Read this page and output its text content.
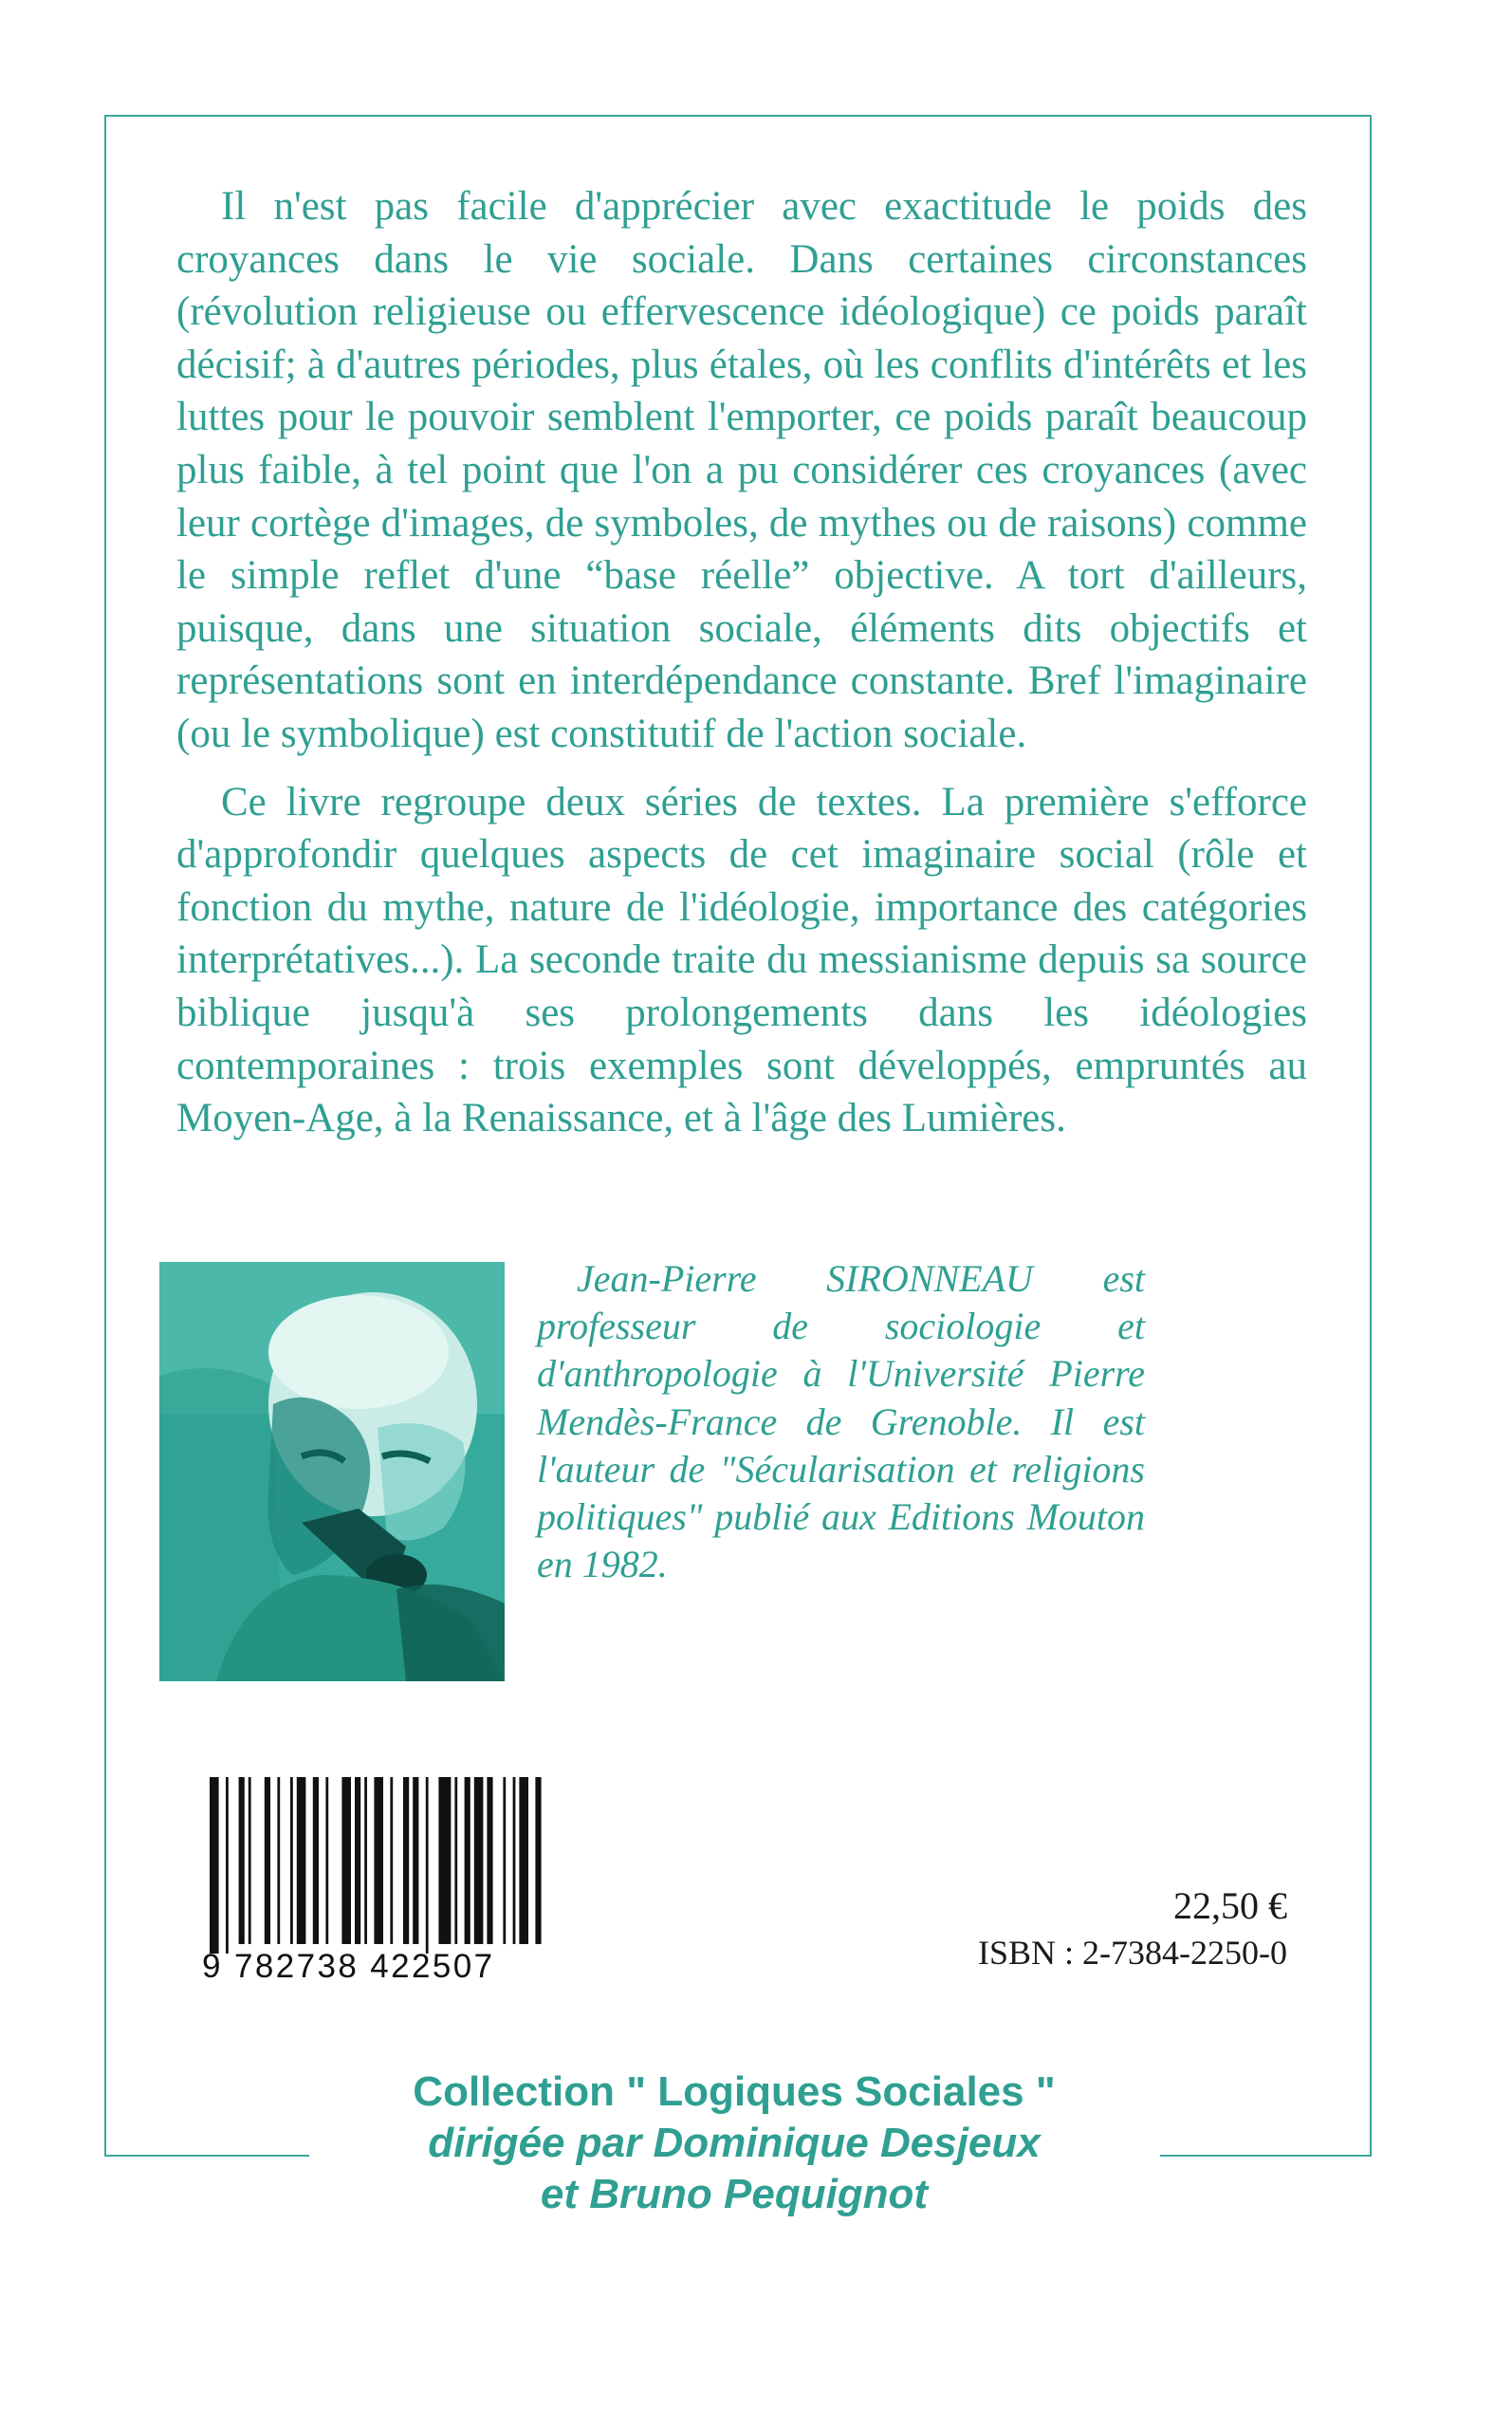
Il n'est pas facile d'apprécier avec exactitude le poids des croyances dans le vie sociale. Dans certaines circonstances (révolution religieuse ou effervescence idéologique) ce poids paraît décisif; à d'autres périodes, plus étales, où les conflits d'intérêts et les luttes pour le pouvoir semblent l'emporter, ce poids paraît beaucoup plus faible, à tel point que l'on a pu considérer ces croyances (avec leur cortège d'images, de symboles, de mythes ou de raisons) comme le simple reflet d'une “base réelle” objective. A tort d'ailleurs, puisque, dans une situation sociale, éléments dits objectifs et représentations sont en interdépendance constante. Bref l'imaginaire (ou le symbolique) est constitutif de l'action sociale.

Ce livre regroupe deux séries de textes. La première s'efforce d'approfondir quelques aspects de cet imaginaire social (rôle et fonction du mythe, nature de l'idéologie, importance des catégories interprétatives...). La seconde traite du messianisme depuis sa source biblique jusqu'à ses prolongements dans les idéologies contemporaines : trois exemples sont développés, empruntés au Moyen-Age, à la Renaissance, et à l'âge des Lumières.

Jean-Pierre SIRONNEAU est professeur de sociologie et d'anthropologie à l'Université Pierre Mendès-France de Grenoble. Il est l'auteur de "Sécularisation et religions politiques" publié aux Editions Mouton en 1982.
9 782738 422507
22,50 €
ISBN : 2-7384-2250-0
Collection " Logiques Sociales "
dirigée par Dominique Desjeux
et Bruno Pequignot
